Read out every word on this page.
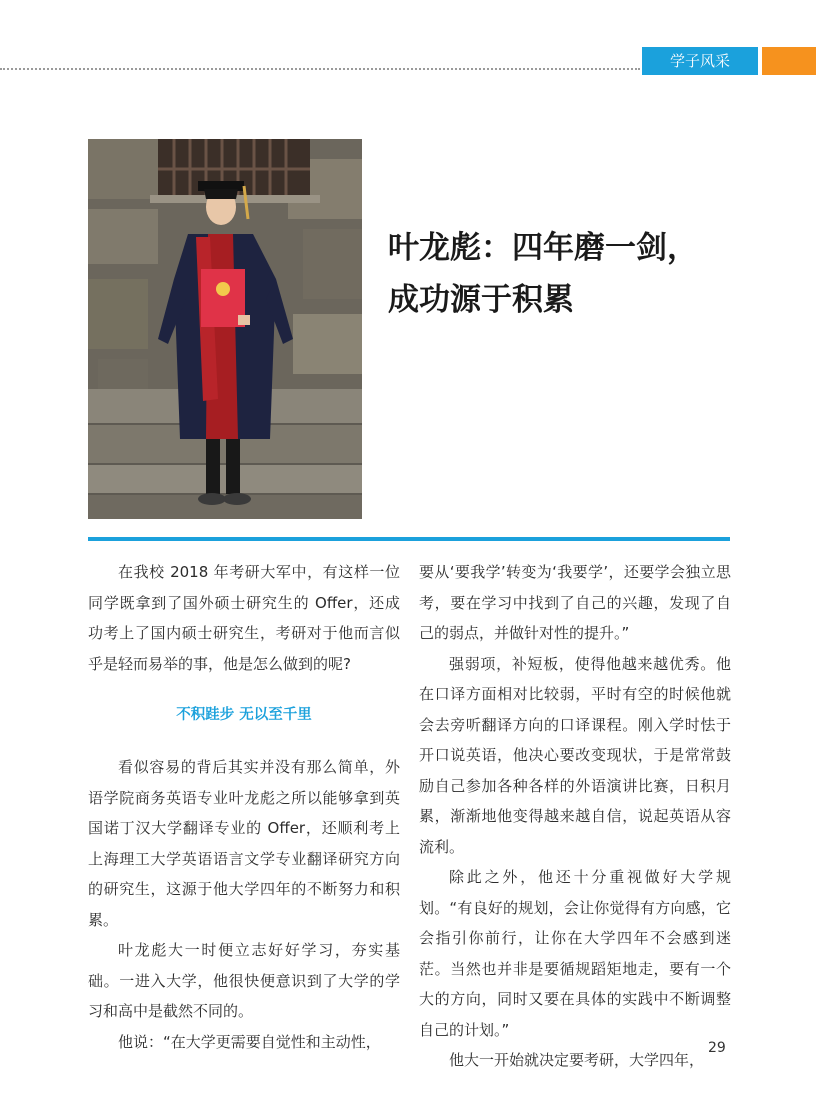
学子风采
叶龙彪：四年磨一剑，
成功源于积累

在我校 2018 年考研大军中，有这样一位同学既拿到了国外硕士研究生的 Offer，还成功考上了国内硕士研究生，考研对于他而言似乎是轻而易举的事，他是怎么做到的呢?

不积跬步 无以至千里

看似容易的背后其实并没有那么简单，外语学院商务英语专业叶龙彪之所以能够拿到英国诺丁汉大学翻译专业的 Offer，还顺利考上上海理工大学英语语言文学专业翻译研究方向的研究生，这源于他大学四年的不断努力和积累。

叶龙彪大一时便立志好好学习，夯实基础。一进入大学，他很快便意识到了大学的学习和高中是截然不同的。

他说：“在大学更需要自觉性和主动性，

要从‘要我学’转变为‘我要学’，还要学会独立思考，要在学习中找到了自己的兴趣，发现了自己的弱点，并做针对性的提升。”

强弱项，补短板，使得他越来越优秀。他在口译方面相对比较弱，平时有空的时候他就会去旁听翻译方向的口译课程。刚入学时怯于开口说英语，他决心要改变现状，于是常常鼓励自己参加各种各样的外语演讲比赛，日积月累，渐渐地他变得越来越自信，说起英语从容流利。

除此之外，他还十分重视做好大学规划。“有良好的规划，会让你觉得有方向感，它会指引你前行，让你在大学四年不会感到迷茫。当然也并非是要循规蹈矩地走，要有一个大的方向，同时又要在具体的实践中不断调整自己的计划。”

他大一开始就决定要考研，大学四年，

29
